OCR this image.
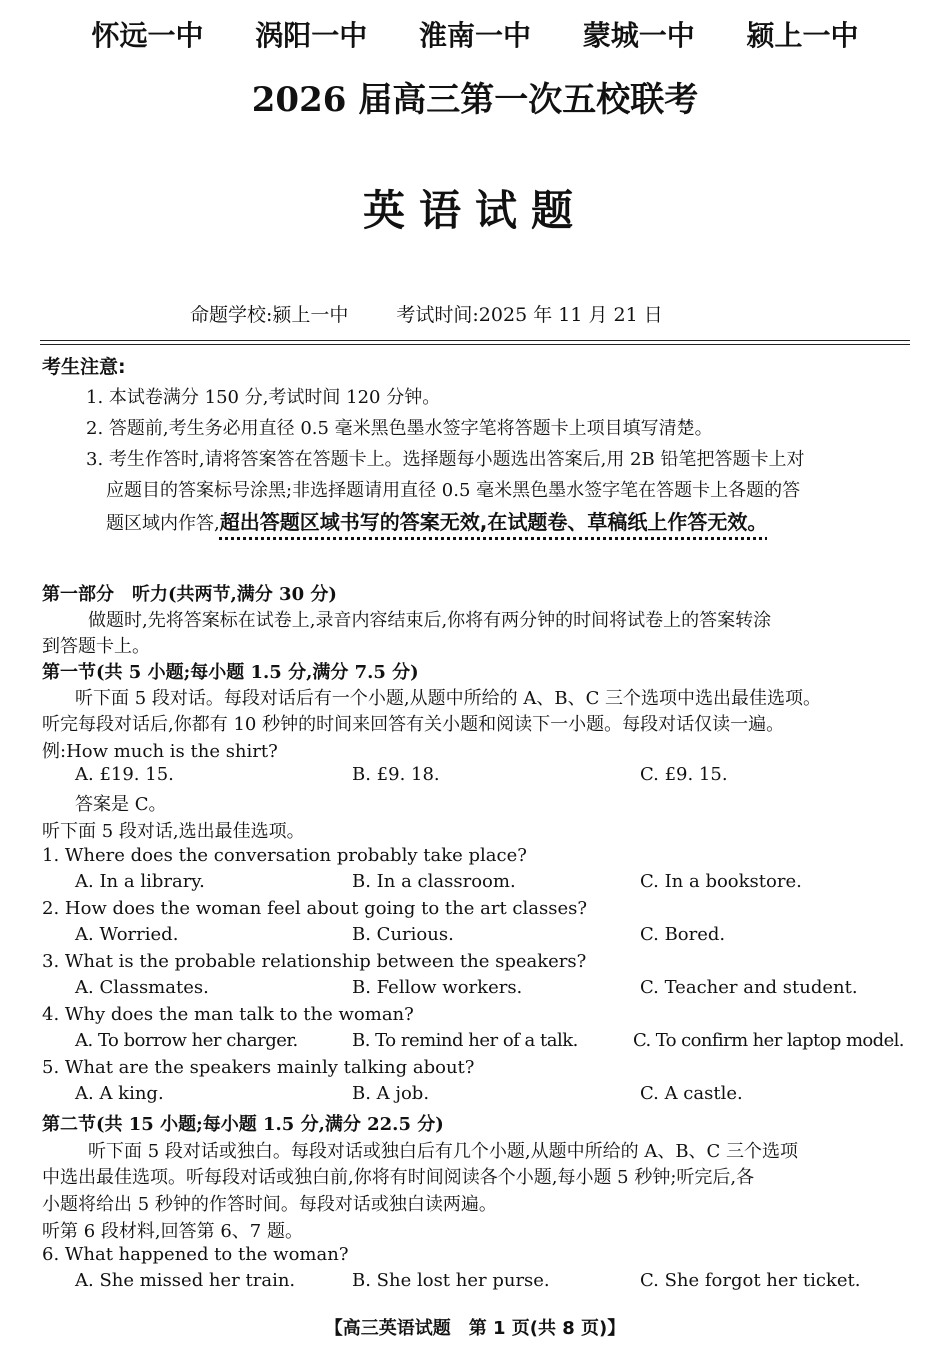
怀远一中 涡阳一中 淮南一中 蒙城一中 颍上一中
2026 届高三第一次五校联考
英语试题
命题学校:颍上一中	考试时间:2025 年 11 月 21 日
考生注意:
1. 本试卷满分 150 分,考试时间 120 分钟。
2. 答题前,考生务必用直径 0.5 毫米黑色墨水签字笔将答题卡上项目填写清楚。
3. 考生作答时,请将答案答在答题卡上。选择题每小题选出答案后,用 2B 铅笔把答题卡上对
应题目的答案标号涂黑;非选择题请用直径 0.5 毫米黑色墨水签字笔在答题卡上各题的答
题区域内作答,超出答题区域书写的答案无效,在试题卷、草稿纸上作答无效。
第一部分　听力(共两节,满分 30 分)
做题时,先将答案标在试卷上,录音内容结束后,你将有两分钟的时间将试卷上的答案转涂
到答题卡上。
第一节(共 5 小题;每小题 1.5 分,满分 7.5 分)
听下面 5 段对话。每段对话后有一个小题,从题中所给的 A、B、C 三个选项中选出最佳选项。
听完每段对话后,你都有 10 秒钟的时间来回答有关小题和阅读下一小题。每段对话仅读一遍。
例:How much is the shirt?
A. £19. 15.	B. £9. 18.	C. £9. 15.
答案是 C。
听下面 5 段对话,选出最佳选项。
1. Where does the conversation probably take place?
A. In a library.	B. In a classroom.	C. In a bookstore.
2. How does the woman feel about going to the art classes?
A. Worried.	B. Curious.	C. Bored.
3. What is the probable relationship between the speakers?
A. Classmates.	B. Fellow workers.	C. Teacher and student.
4. Why does the man talk to the woman?
A. To borrow her charger.	B. To remind her of a talk.	C. To confirm her laptop model.
5. What are the speakers mainly talking about?
A. A king.	B. A job.	C. A castle.
第二节(共 15 小题;每小题 1.5 分,满分 22.5 分)
听下面 5 段对话或独白。每段对话或独白后有几个小题,从题中所给的 A、B、C 三个选项
中选出最佳选项。听每段对话或独白前,你将有时间阅读各个小题,每小题 5 秒钟;听完后,各
小题将给出 5 秒钟的作答时间。每段对话或独白读两遍。
听第 6 段材料,回答第 6、7 题。
6. What happened to the woman?
A. She missed her train.	B. She lost her purse.	C. She forgot her ticket.
【高三英语试题　第 1 页(共 8 页)】
